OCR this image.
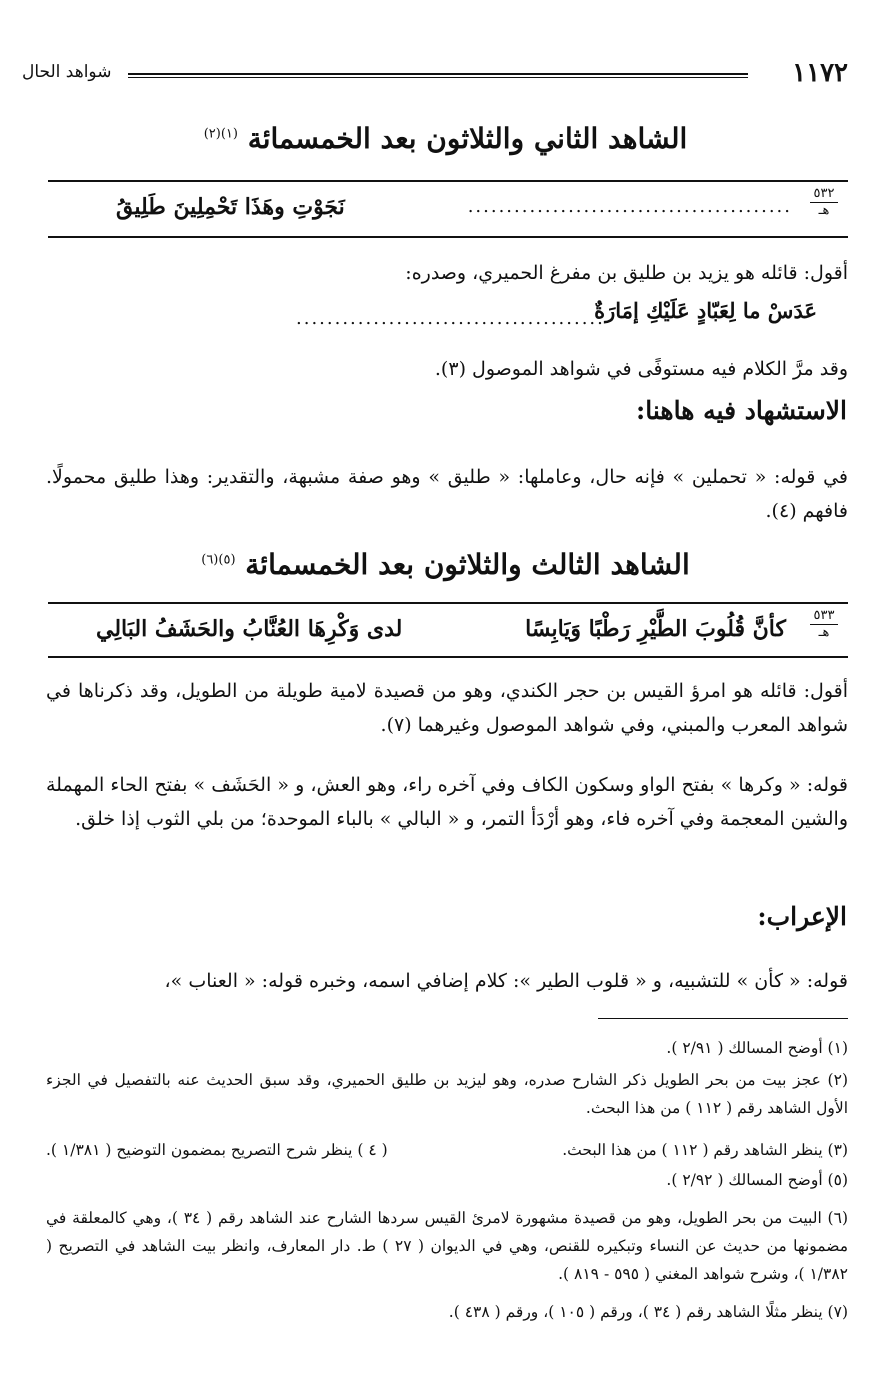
١١٧٢
شواهد الحال
الشاهد الثاني والثلاثون بعد الخمسمائة $^{(١)(٢)}$
٥٣٢
هـ
..........................................
نَجَوْتِ وهَذَا تَحْمِلِينَ طَلِيقُ
أقول: قائله هو يزيد بن طليق بن مفرغ الحميري، وصدره:
عَدَسْ ما لِعَبّادٍ عَلَيْكِ إمَارَةٌ
........................................
وقد مرَّ الكلام فيه مستوفًى في شواهد الموصول (٣).
الاستشهاد فيه هاهنا:
في قوله: « تحملين » فإنه حال، وعاملها: « طليق » وهو صفة مشبهة، والتقدير: وهذا طليق محمولًا. فافهم (٤).
الشاهد الثالث والثلاثون بعد الخمسمائة $^{(٥)(٦)}$
٥٣٣
هـ
كأنَّ قُلُوبَ الطَّيْرِ رَطْبًا وَيَابِسًا
لدى وَكْرِهَا العُنَّابُ والحَشَفُ البَالِي
أقول: قائله هو امرؤ القيس بن حجر الكندي، وهو من قصيدة لامية طويلة من الطويل، وقد ذكرناها في شواهد المعرب والمبني، وفي شواهد الموصول وغيرهما (٧).
قوله: « وكرها » بفتح الواو وسكون الكاف وفي آخره راء، وهو العش، و « الحَشَف » بفتح الحاء المهملة والشين المعجمة وفي آخره فاء، وهو أرْدَأ التمر، و « البالي » بالباء الموحدة؛ من بلي الثوب إذا خلق.
الإعراب:
قوله: « كأن » للتشبيه، و « قلوب الطير »: كلام إضافي اسمه، وخبره قوله: « العناب »،
(١) أوضح المسالك ( ٢/٩١ ).
(٢) عجز بيت من بحر الطويل ذكر الشارح صدره، وهو ليزيد بن طليق الحميري، وقد سبق الحديث عنه بالتفصيل في الجزء الأول الشاهد رقم ( ١١٢ ) من هذا البحث.
(٣) ينظر الشاهد رقم ( ١١٢ ) من هذا البحث.
( ٤ ) ينظر شرح التصريح بمضمون التوضيح ( ١/٣٨١ ).
(٥) أوضح المسالك ( ٢/٩٢ ).
(٦) البيت من بحر الطويل، وهو من قصيدة مشهورة لامرئ القيس سردها الشارح عند الشاهد رقم ( ٣٤ )، وهي كالمعلقة في مضمونها من حديث عن النساء وتبكيره للقنص، وهي في الديوان ( ٢٧ ) ط. دار المعارف، وانظر بيت الشاهد في التصريح ( ١/٣٨٢ )، وشرح شواهد المغني ( ٥٩٥ - ٨١٩ ).
(٧) ينظر مثلًا الشاهد رقم ( ٣٤ )، ورقم ( ١٠٥ )، ورقم ( ٤٣٨ ).
